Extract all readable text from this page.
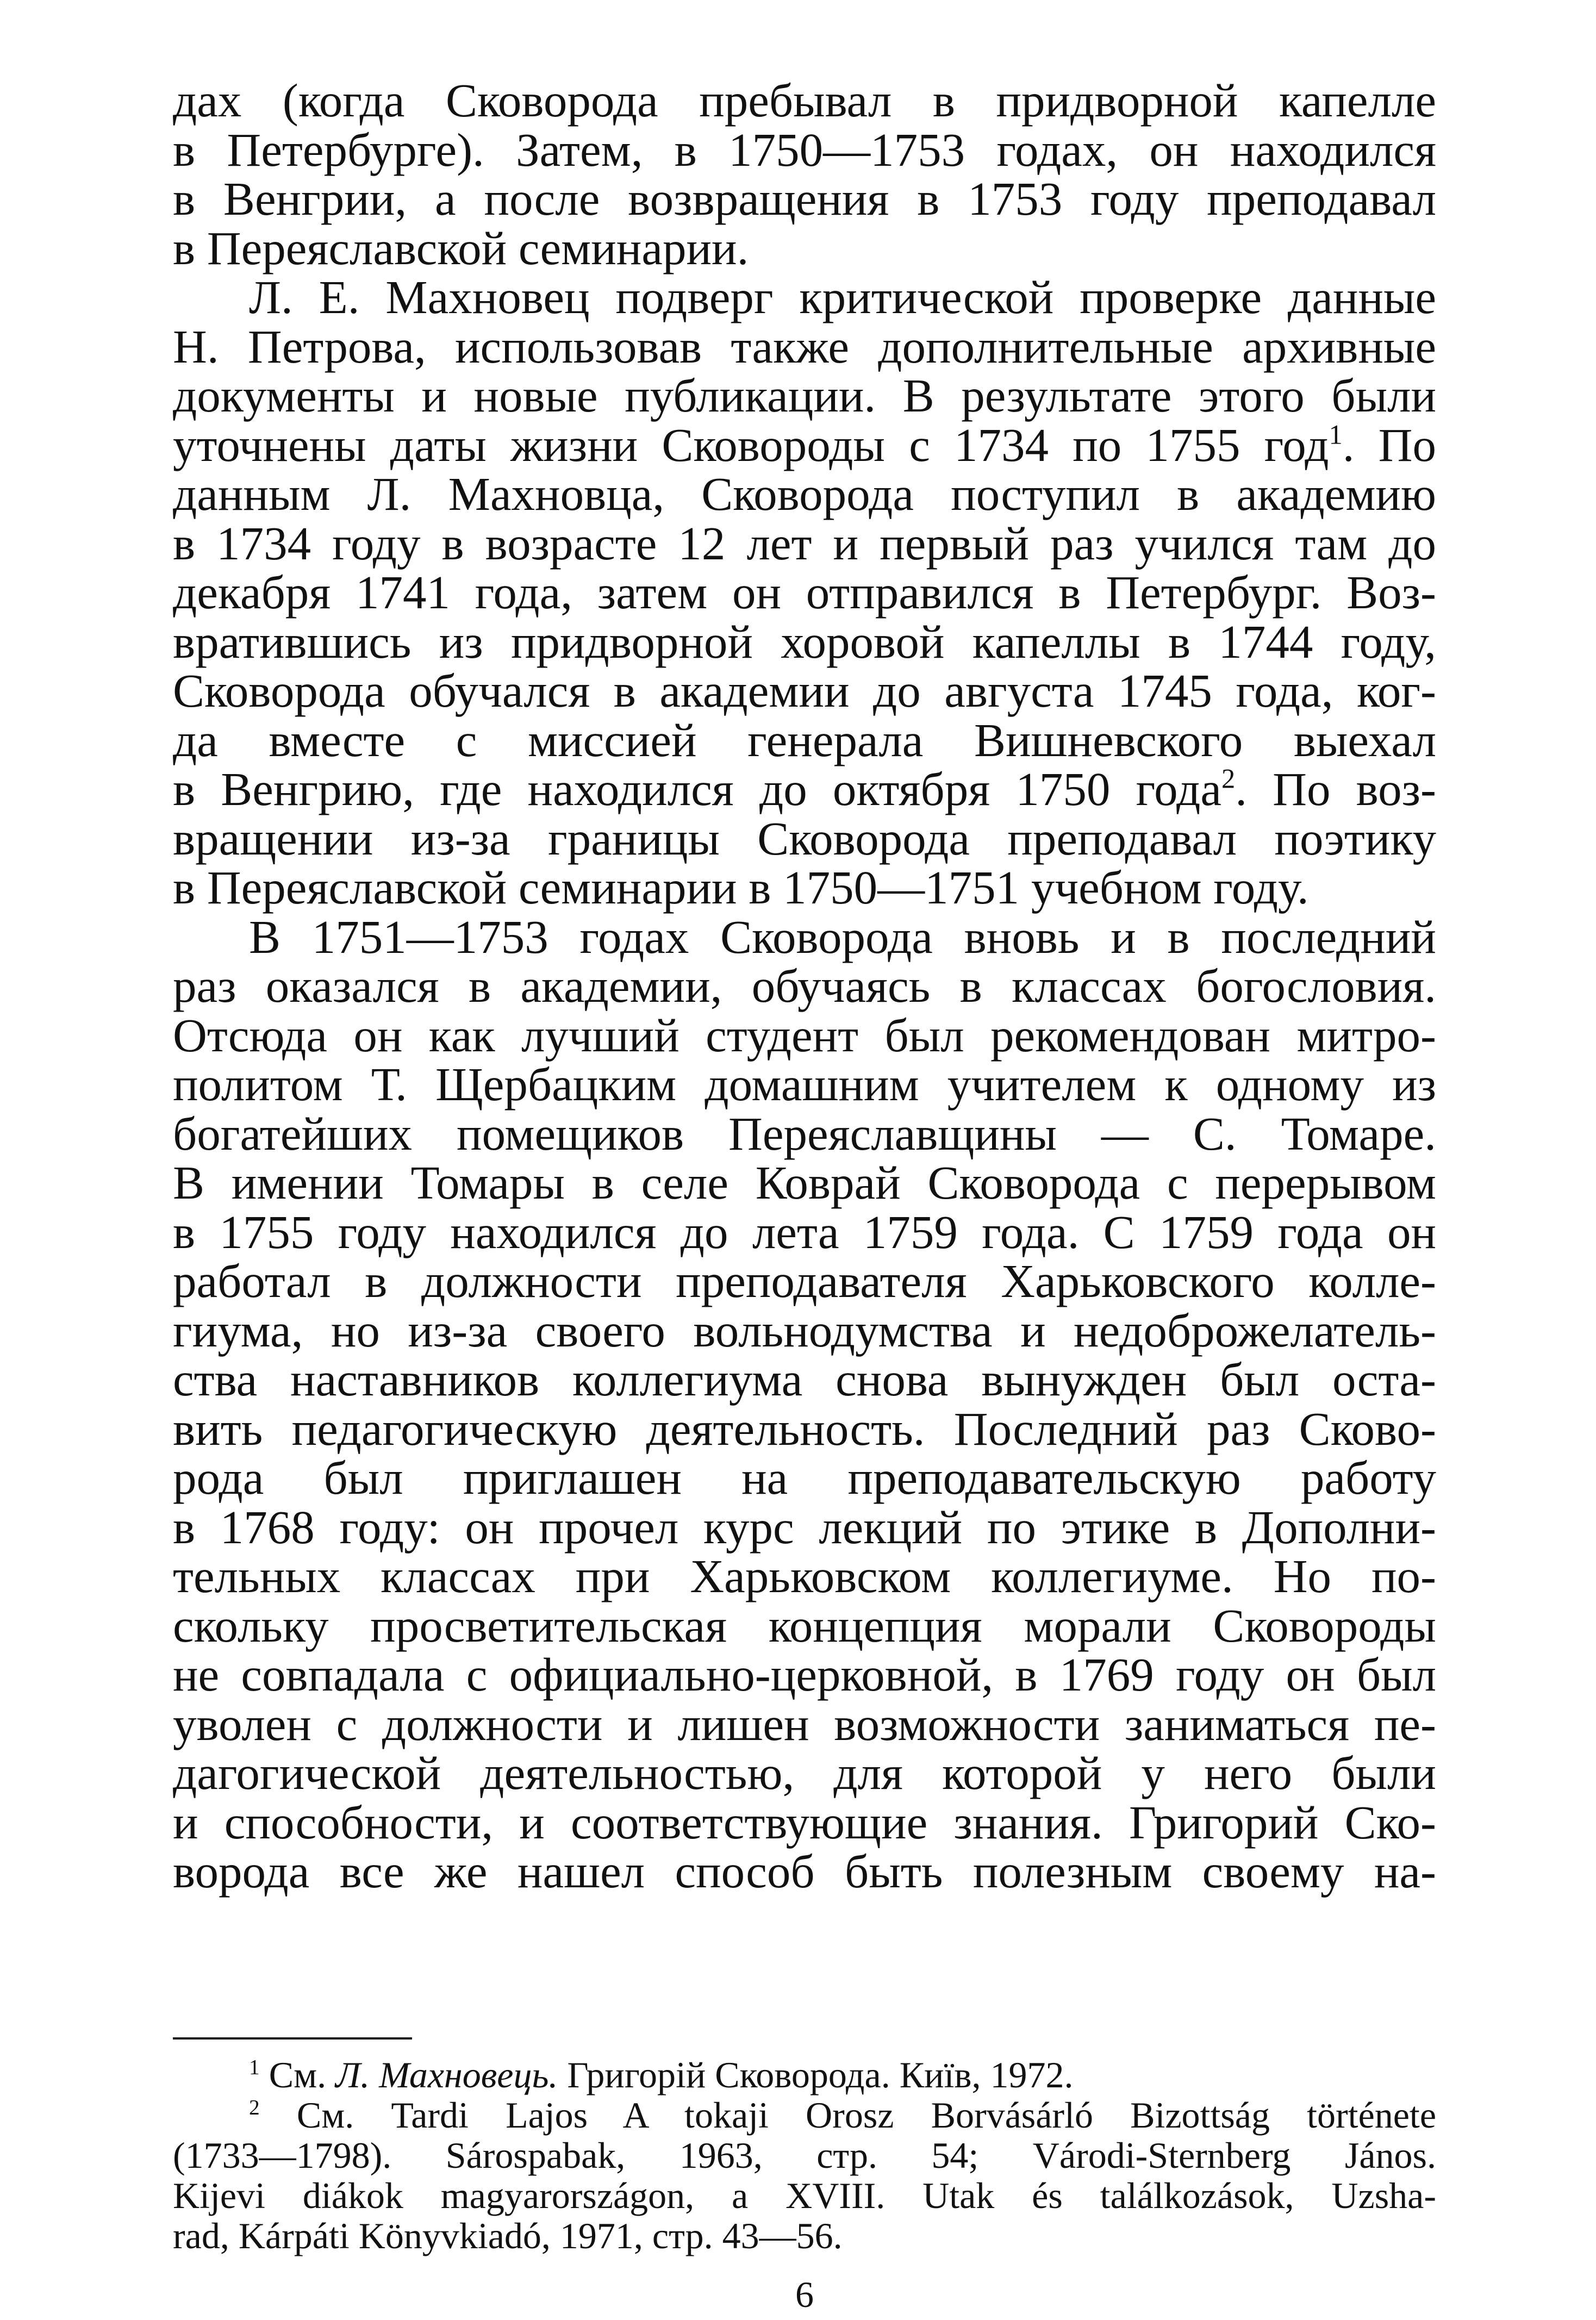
дах (когда Сковорода пребывал в придворной капелле
в Петербурге). Затем, в 1750—1753 годах, он находился
в Венгрии, а после возвращения в 1753 году преподавал
в Переяславской семинарии.
Л. Е. Махновец подверг критической проверке данные
Н. Петрова, использовав также дополнительные архивные
документы и новые публикации. В результате этого были
уточнены даты жизни Сковороды с 1734 по 1755 год$^1$. По
данным Л. Махновца, Сковорода поступил в академию
в 1734 году в возрасте 12 лет и первый раз учился там до
декабря 1741 года, затем он отправился в Петербург. Воз-
вратившись из придворной хоровой капеллы в 1744 году,
Сковорода обучался в академии до августа 1745 года, ког-
да вместе с миссией генерала Вишневского выехал
в Венгрию, где находился до октября 1750 года$^2$. По воз-
вращении из-за границы Сковорода преподавал поэтику
в Переяславской семинарии в 1750—1751 учебном году.
В 1751—1753 годах Сковорода вновь и в последний
раз оказался в академии, обучаясь в классах богословия.
Отсюда он как лучший студент был рекомендован митро-
политом Т. Щербацким домашним учителем к одному из
богатейших помещиков Переяславщины — С. Томаре.
В имении Томары в селе Коврай Сковорода с перерывом
в 1755 году находился до лета 1759 года. С 1759 года он
работал в должности преподавателя Харьковского колле-
гиума, но из-за своего вольнодумства и недоброжелатель-
ства наставников коллегиума снова вынужден был оста-
вить педагогическую деятельность. Последний раз Сково-
рода был приглашен на преподавательскую работу
в 1768 году: он прочел курс лекций по этике в Дополни-
тельных классах при Харьковском коллегиуме. Но по-
скольку просветительская концепция морали Сковороды
не совпадала с официально-церковной, в 1769 году он был
уволен с должности и лишен возможности заниматься пе-
дагогической деятельностью, для которой у него были
и способности, и соответствующие знания. Григорий Ско-
ворода все же нашел способ быть полезным своему на-
$^1$ См. Л. Махновець. Григорій Сковорода. Київ, 1972.
$^2$ См. Tardi Lajos A tokaji Orosz Borvásárló Bizottság története
(1733—1798). Sárospabak, 1963, стр. 54; Várodi-Sternberg János.
Kijevi diákok magyarországon, a XVIII. Utak és találkozások, Uzsha-
rad, Kárpáti Könyvkiadó, 1971, стр. 43—56.
6
